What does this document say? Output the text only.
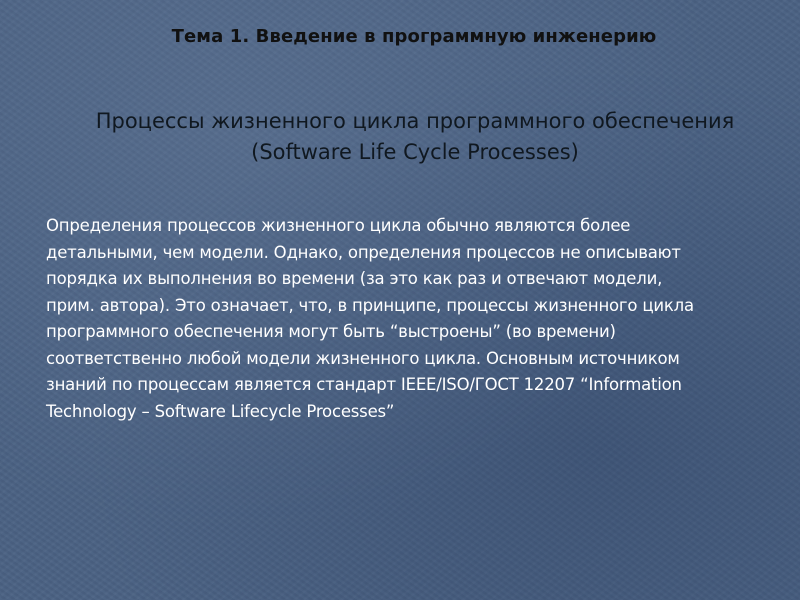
Тема 1. Введение в программную инженерию
Процессы жизненного цикла программного обеспечения
(Software Life Cycle Processes)
Определения процессов жизненного цикла обычно являются более
детальными, чем модели. Однако, определения процессов не описывают
порядка их выполнения во времени (за это как раз и отвечают модели,
прим. автора). Это означает, что, в принципе, процессы жизненного цикла
программного обеспечения могут быть “выстроены” (во времени)
соответственно любой модели жизненного цикла. Основным источником
знаний по процессам является стандарт IEEE/ISO/ГОСТ 12207 “Information
Technology – Software Lifecycle Processes”
